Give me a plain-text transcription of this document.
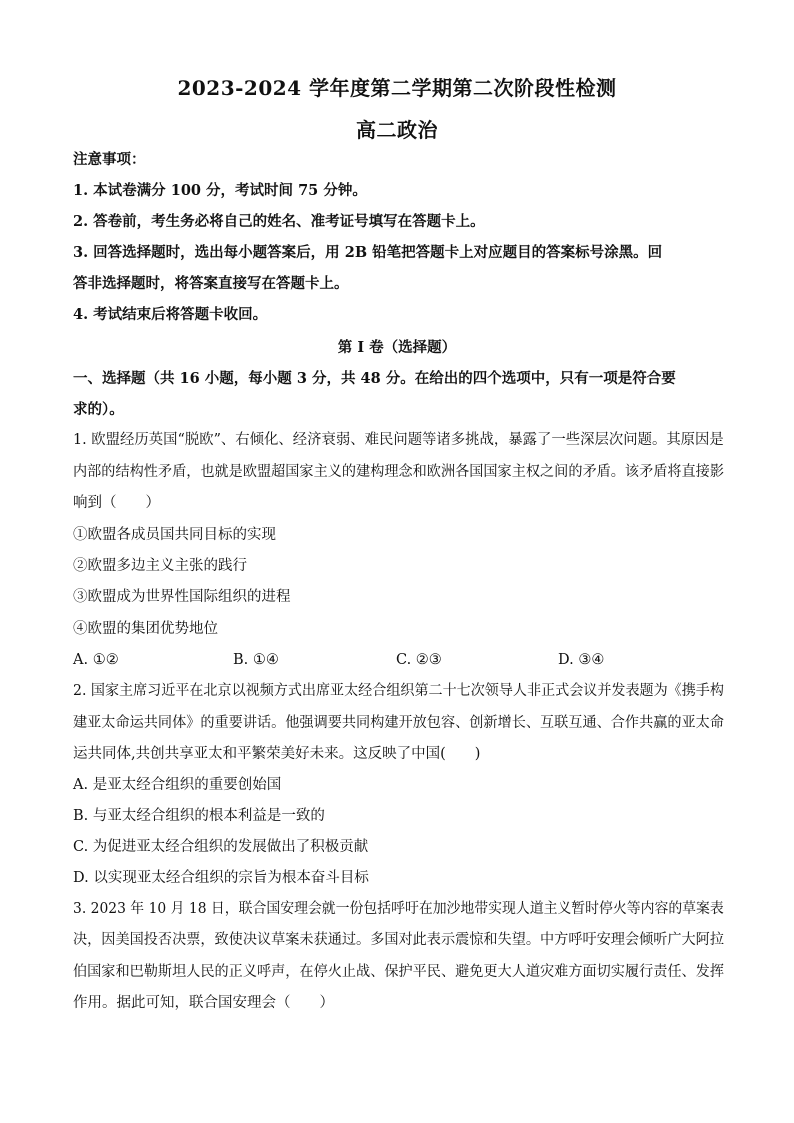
2023-2024 学年度第二学期第二次阶段性检测
高二政治
注意事项：
1. 本试卷满分 100 分，考试时间 75 分钟。
2. 答卷前，考生务必将自己的姓名、准考证号填写在答题卡上。
3. 回答选择题时，选出每小题答案后，用 2B 铅笔把答题卡上对应题目的答案标号涂黑。回
答非选择题时，将答案直接写在答题卡上。
4. 考试结束后将答题卡收回。
第 I 卷（选择题）
一、选择题（共 16 小题，每小题 3 分，共 48 分。在给出的四个选项中，只有一项是符合要
求的）。
1. 欧盟经历英国“脱欧”、右倾化、经济衰弱、难民问题等诸多挑战，暴露了一些深层次问题。其原因是
内部的结构性矛盾，也就是欧盟超国家主义的建构理念和欧洲各国国家主权之间的矛盾。该矛盾将直接影
响到（　　）
①欧盟各成员国共同目标的实现
②欧盟多边主义主张的践行
③欧盟成为世界性国际组织的进程
④欧盟的集团优势地位
A. ①②	B. ①④	C. ②③	D. ③④
2. 国家主席习近平在北京以视频方式出席亚太经合组织第二十七次领导人非正式会议并发表题为《携手构
建亚太命运共同体》的重要讲话。他强调要共同构建开放包容、创新增长、互联互通、合作共赢的亚太命
运共同体,共创共享亚太和平繁荣美好未来。这反映了中国(　　)
A. 是亚太经合组织的重要创始国
B. 与亚太经合组织的根本利益是一致的
C. 为促进亚太经合组织的发展做出了积极贡献
D. 以实现亚太经合组织的宗旨为根本奋斗目标
3. 2023 年 10 月 18 日，联合国安理会就一份包括呼吁在加沙地带实现人道主义暂时停火等内容的草案表
决，因美国投否决票，致使决议草案未获通过。多国对此表示震惊和失望。中方呼吁安理会倾听广大阿拉
伯国家和巴勒斯坦人民的正义呼声，在停火止战、保护平民、避免更大人道灾难方面切实履行责任、发挥
作用。据此可知，联合国安理会（　　）
